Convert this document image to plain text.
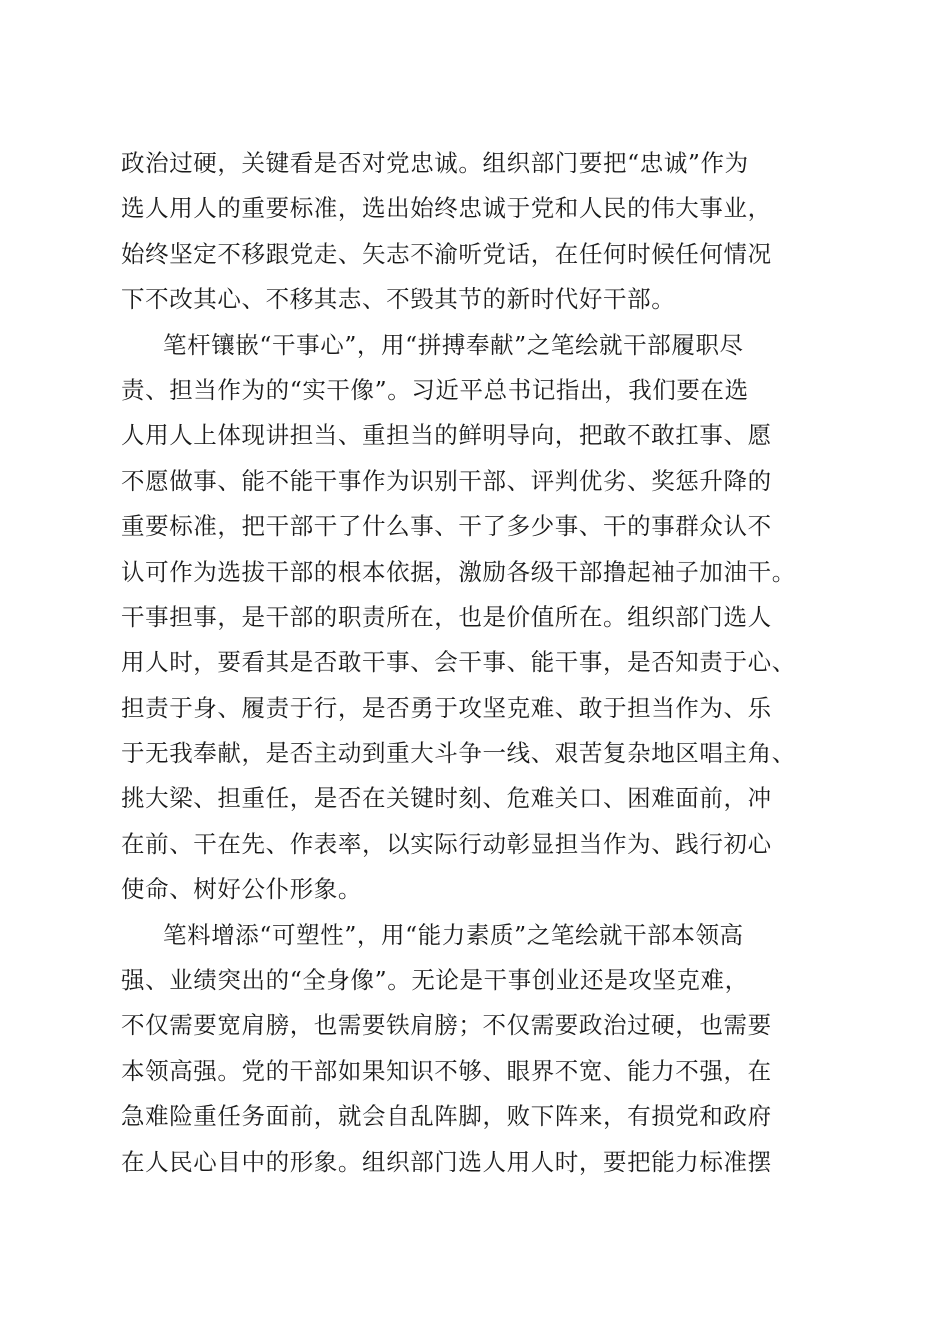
政治过硬，关键看是否对党忠诚。组织部门要把“忠诚”作为
选人用人的重要标准，选出始终忠诚于党和人民的伟大事业，
始终坚定不移跟党走、矢志不渝听党话，在任何时候任何情况
下不改其心、不移其志、不毁其节的新时代好干部。
笔杆镶嵌“干事心”，用“拼搏奉献”之笔绘就干部履职尽
责、担当作为的“实干像”。习近平总书记指出，我们要在选
人用人上体现讲担当、重担当的鲜明导向，把敢不敢扛事、愿
不愿做事、能不能干事作为识别干部、评判优劣、奖惩升降的
重要标准，把干部干了什么事、干了多少事、干的事群众认不
认可作为选拔干部的根本依据，激励各级干部撸起袖子加油干。
干事担事，是干部的职责所在，也是价值所在。组织部门选人
用人时，要看其是否敢干事、会干事、能干事，是否知责于心、
担责于身、履责于行，是否勇于攻坚克难、敢于担当作为、乐
于无我奉献，是否主动到重大斗争一线、艰苦复杂地区唱主角、
挑大梁、担重任，是否在关键时刻、危难关口、困难面前，冲
在前、干在先、作表率，以实际行动彰显担当作为、践行初心
使命、树好公仆形象。
笔料增添“可塑性”，用“能力素质”之笔绘就干部本领高
强、业绩突出的“全身像”。无论是干事创业还是攻坚克难，
不仅需要宽肩膀，也需要铁肩膀；不仅需要政治过硬，也需要
本领高强。党的干部如果知识不够、眼界不宽、能力不强，在
急难险重任务面前，就会自乱阵脚，败下阵来，有损党和政府
在人民心目中的形象。组织部门选人用人时，要把能力标准摆
